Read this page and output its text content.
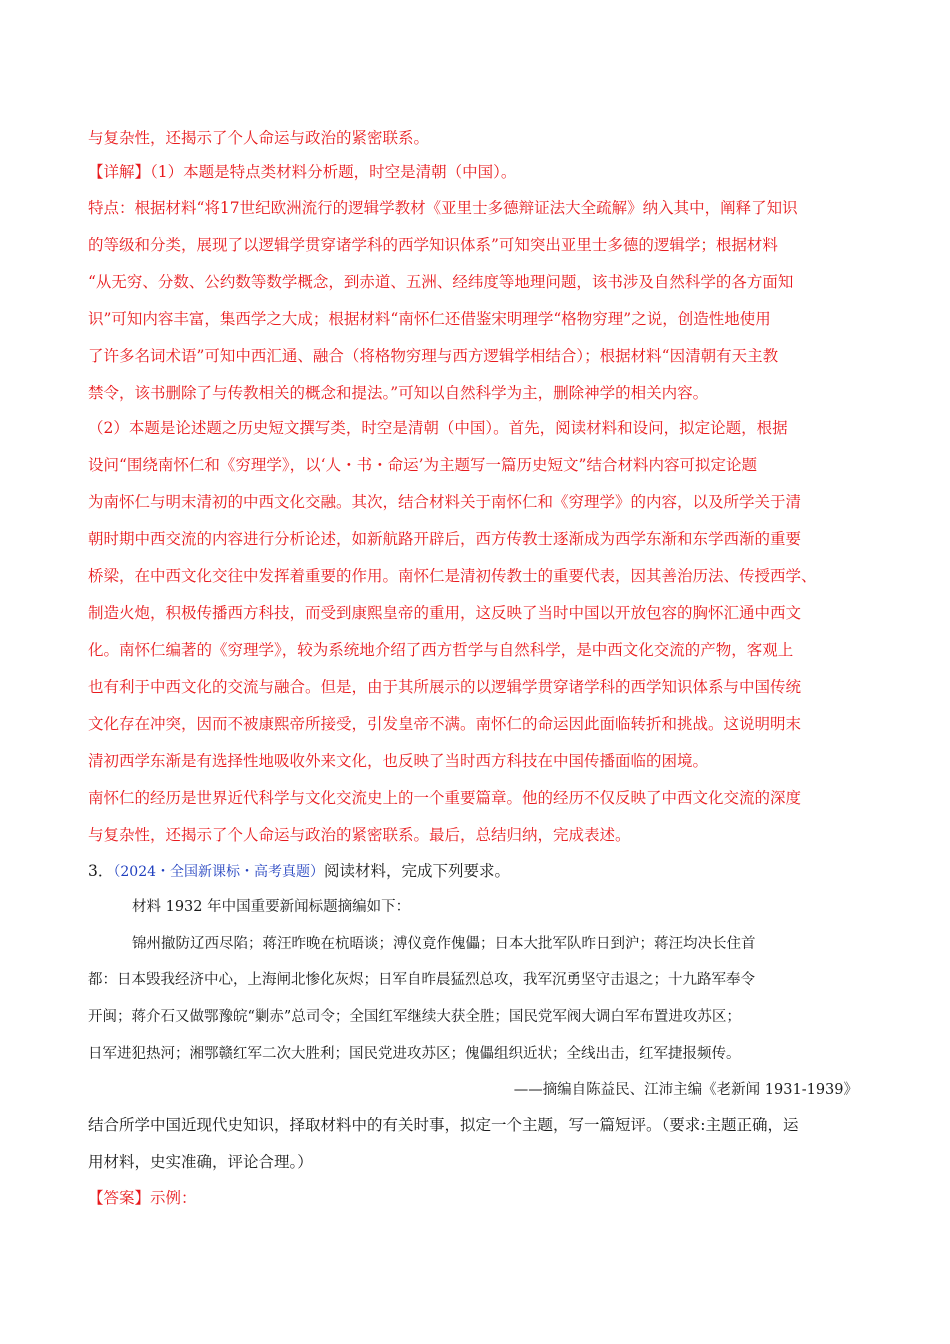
与复杂性，还揭示了个人命运与政治的紧密联系。
【详解】（1）本题是特点类材料分析题，时空是清朝（中国）。
特点：根据材料“将17世纪欧洲流行的逻辑学教材《亚里士多德辩证法大全疏解》纳入其中，阐释了知识
的等级和分类，展现了以逻辑学贯穿诸学科的西学知识体系”可知突出亚里士多德的逻辑学；根据材料
“从无穷、分数、公约数等数学概念，到赤道、五洲、经纬度等地理问题，该书涉及自然科学的各方面知
识”可知内容丰富，集西学之大成；根据材料“南怀仁还借鉴宋明理学“格物穷理”之说，创造性地使用
了许多名词术语”可知中西汇通、融合（将格物穷理与西方逻辑学相结合）；根据材料“因清朝有天主教
禁令，该书删除了与传教相关的概念和提法。”可知以自然科学为主，删除神学的相关内容。
（2）本题是论述题之历史短文撰写类，时空是清朝（中国）。首先，阅读材料和设问，拟定论题，根据
设问“围绕南怀仁和《穷理学》，以‘人・书・命运’为主题写一篇历史短文”结合材料内容可拟定论题
为南怀仁与明末清初的中西文化交融。其次，结合材料关于南怀仁和《穷理学》的内容，以及所学关于清
朝时期中西交流的内容进行分析论述，如新航路开辟后，西方传教士逐渐成为西学东渐和东学西渐的重要
桥梁，在中西文化交往中发挥着重要的作用。南怀仁是清初传教士的重要代表，因其善治历法、传授西学、
制造火炮，积极传播西方科技，而受到康熙皇帝的重用，这反映了当时中国以开放包容的胸怀汇通中西文
化。南怀仁编著的《穷理学》，较为系统地介绍了西方哲学与自然科学，是中西文化交流的产物，客观上
也有利于中西文化的交流与融合。但是，由于其所展示的以逻辑学贯穿诸学科的西学知识体系与中国传统
文化存在冲突，因而不被康熙帝所接受，引发皇帝不满。南怀仁的命运因此面临转折和挑战。这说明明末
清初西学东渐是有选择性地吸收外来文化，也反映了当时西方科技在中国传播面临的困境。
南怀仁的经历是世界近代科学与文化交流史上的一个重要篇章。他的经历不仅反映了中西文化交流的深度
与复杂性，还揭示了个人命运与政治的紧密联系。最后，总结归纳，完成表述。
3．（2024・全国新课标・高考真题）阅读材料，完成下列要求。
材料 1932 年中国重要新闻标题摘编如下：
锦州撤防辽西尽陷；蒋汪昨晚在杭晤谈；溥仪竟作傀儡；日本大批军队昨日到沪；蒋汪均决长住首
都：日本毁我经济中心，上海闸北惨化灰烬；日军自昨晨猛烈总攻，我军沉勇坚守击退之；十九路军奉令
开闽；蒋介石又做鄂豫皖“剿赤”总司令；全国红军继续大获全胜；国民党军阀大调白军布置进攻苏区；
日军进犯热河；湘鄂赣红军二次大胜利；国民党进攻苏区；傀儡组织近状；全线出击，红军捷报频传。
——摘编自陈益民、江沛主编《老新闻 1931-1939》
结合所学中国近现代史知识，择取材料中的有关时事，拟定一个主题，写一篇短评。（要求:主题正确，运
用材料，史实准确，评论合理。）
【答案】示例：
